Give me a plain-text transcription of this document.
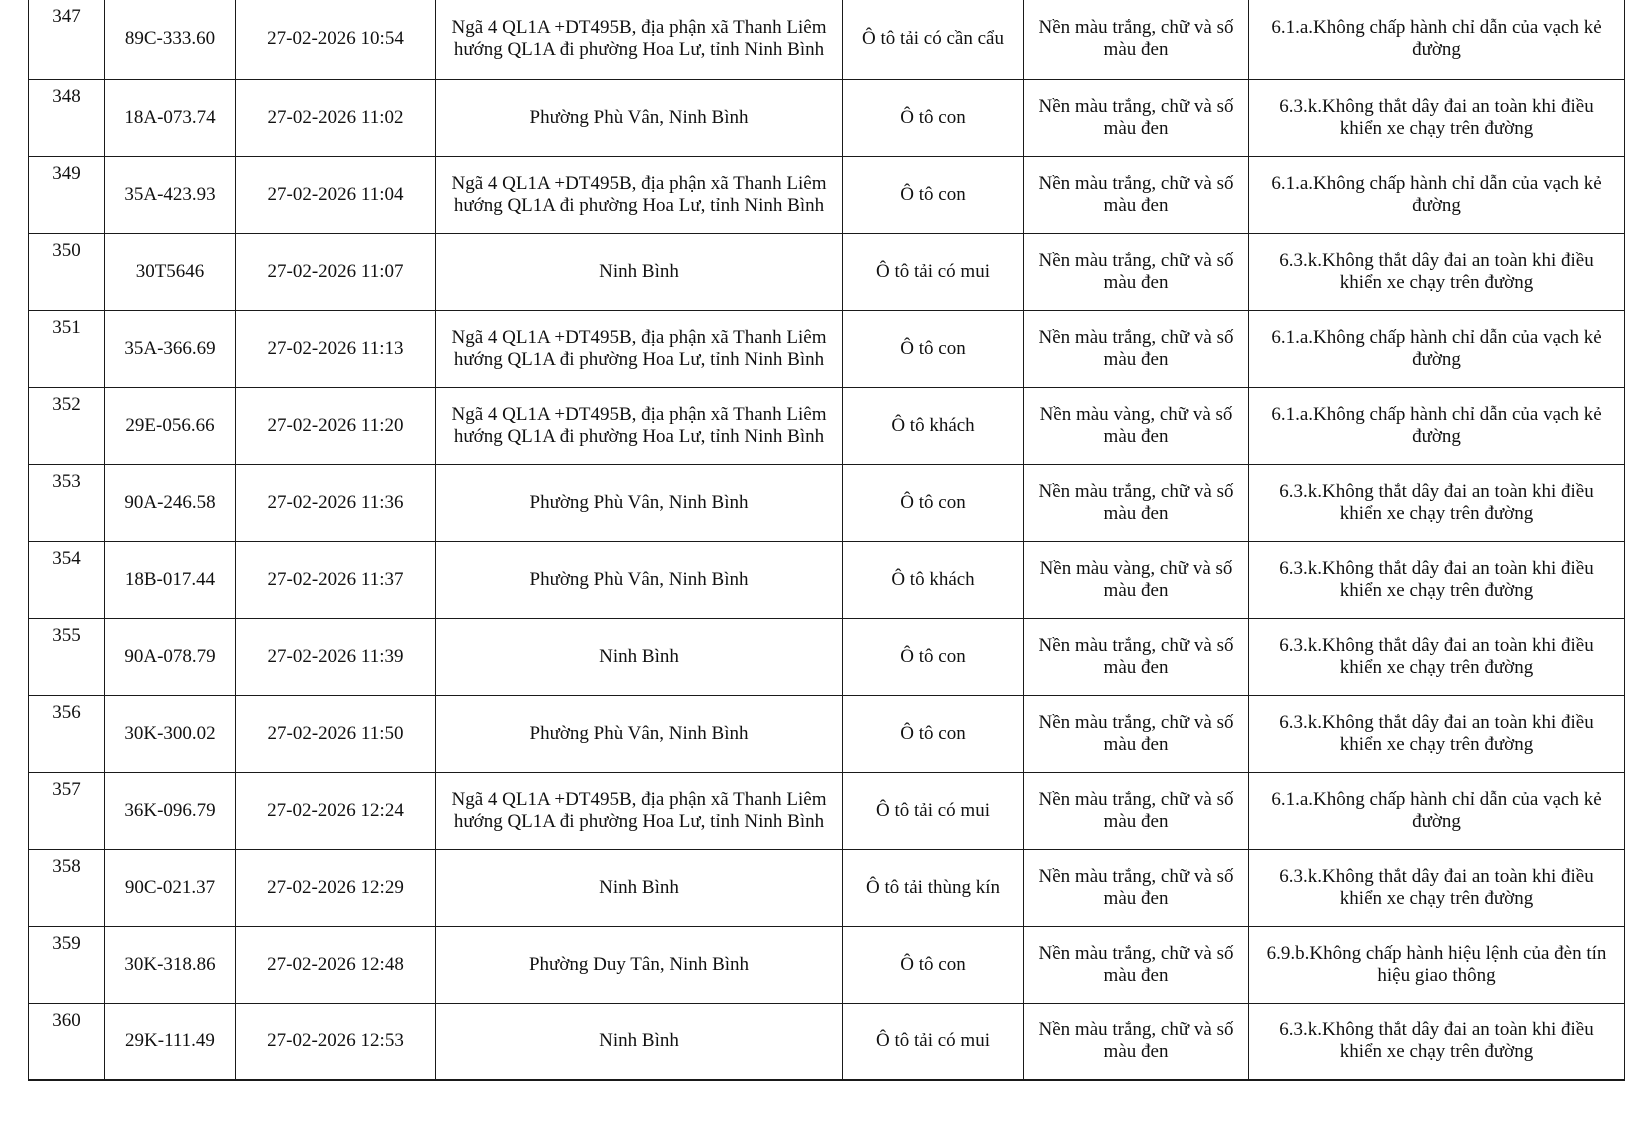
347	89C-333.60	27-02-2026 10:54	Ngã 4 QL1A +DT495B, địa phận xã Thanh Liêm hướng QL1A đi phường Hoa Lư, tỉnh Ninh Bình	Ô tô tải có cần cẩu	Nền màu trắng, chữ và số màu đen	6.1.a.Không chấp hành chỉ dẫn của vạch kẻ đường
348	18A-073.74	27-02-2026 11:02	Phường Phù Vân, Ninh Bình	Ô tô con	Nền màu trắng, chữ và số màu đen	6.3.k.Không thắt dây đai an toàn khi điều khiển xe chạy trên đường
349	35A-423.93	27-02-2026 11:04	Ngã 4 QL1A +DT495B, địa phận xã Thanh Liêm hướng QL1A đi phường Hoa Lư, tỉnh Ninh Bình	Ô tô con	Nền màu trắng, chữ và số màu đen	6.1.a.Không chấp hành chỉ dẫn của vạch kẻ đường
350	30T5646	27-02-2026 11:07	Ninh Bình	Ô tô tải có mui	Nền màu trắng, chữ và số màu đen	6.3.k.Không thắt dây đai an toàn khi điều khiển xe chạy trên đường
351	35A-366.69	27-02-2026 11:13	Ngã 4 QL1A +DT495B, địa phận xã Thanh Liêm hướng QL1A đi phường Hoa Lư, tỉnh Ninh Bình	Ô tô con	Nền màu trắng, chữ và số màu đen	6.1.a.Không chấp hành chỉ dẫn của vạch kẻ đường
352	29E-056.66	27-02-2026 11:20	Ngã 4 QL1A +DT495B, địa phận xã Thanh Liêm hướng QL1A đi phường Hoa Lư, tỉnh Ninh Bình	Ô tô khách	Nền màu vàng, chữ và số màu đen	6.1.a.Không chấp hành chỉ dẫn của vạch kẻ đường
353	90A-246.58	27-02-2026 11:36	Phường Phù Vân, Ninh Bình	Ô tô con	Nền màu trắng, chữ và số màu đen	6.3.k.Không thắt dây đai an toàn khi điều khiển xe chạy trên đường
354	18B-017.44	27-02-2026 11:37	Phường Phù Vân, Ninh Bình	Ô tô khách	Nền màu vàng, chữ và số màu đen	6.3.k.Không thắt dây đai an toàn khi điều khiển xe chạy trên đường
355	90A-078.79	27-02-2026 11:39	Ninh Bình	Ô tô con	Nền màu trắng, chữ và số màu đen	6.3.k.Không thắt dây đai an toàn khi điều khiển xe chạy trên đường
356	30K-300.02	27-02-2026 11:50	Phường Phù Vân, Ninh Bình	Ô tô con	Nền màu trắng, chữ và số màu đen	6.3.k.Không thắt dây đai an toàn khi điều khiển xe chạy trên đường
357	36K-096.79	27-02-2026 12:24	Ngã 4 QL1A +DT495B, địa phận xã Thanh Liêm hướng QL1A đi phường Hoa Lư, tỉnh Ninh Bình	Ô tô tải có mui	Nền màu trắng, chữ và số màu đen	6.1.a.Không chấp hành chỉ dẫn của vạch kẻ đường
358	90C-021.37	27-02-2026 12:29	Ninh Bình	Ô tô tải thùng kín	Nền màu trắng, chữ và số màu đen	6.3.k.Không thắt dây đai an toàn khi điều khiển xe chạy trên đường
359	30K-318.86	27-02-2026 12:48	Phường Duy Tân, Ninh Bình	Ô tô con	Nền màu trắng, chữ và số màu đen	6.9.b.Không chấp hành hiệu lệnh của đèn tín hiệu giao thông
360	29K-111.49	27-02-2026 12:53	Ninh Bình	Ô tô tải có mui	Nền màu trắng, chữ và số màu đen	6.3.k.Không thắt dây đai an toàn khi điều khiển xe chạy trên đường
